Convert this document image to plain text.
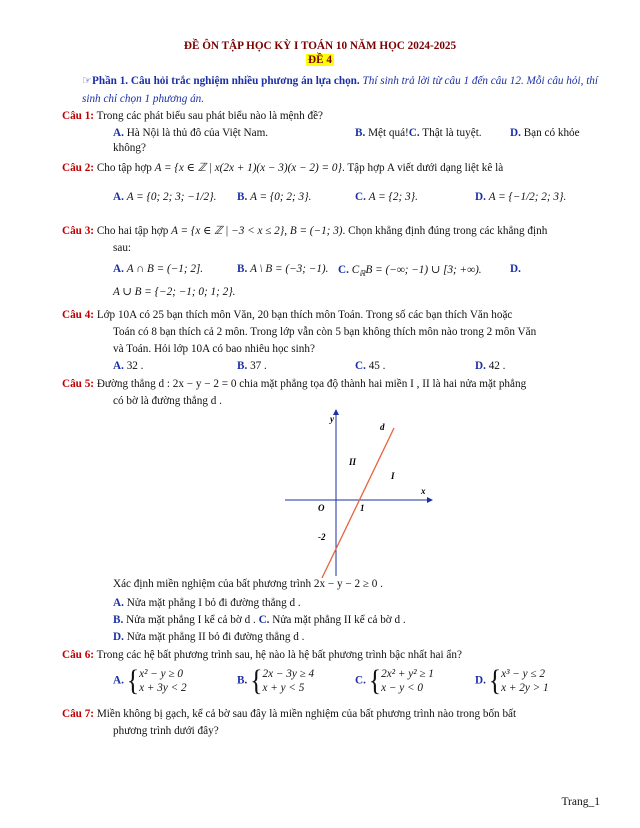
ĐỀ ÔN TẬP HỌC KỲ I TOÁN 10 NĂM HỌC 2024-2025
ĐỀ 4
☞Phần 1. Câu hỏi trắc nghiệm nhiều phương án lựa chọn. Thí sinh trả lời từ câu 1 đến câu 12. Mỗi câu hỏi, thí sinh chỉ chọn 1 phương án.
Câu 1: Trong các phát biểu sau phát biểu nào là mệnh đề?
A. Hà Nội là thủ đô của Việt Nam.	B. Mệt quá!C. Thật là tuyệt.	D. Bạn có khỏe
không?
Câu 2: Cho tập hợp A = {x ∈ ℤ | x(2x + 1)(x − 3)(x − 2) = 0}. Tập hợp A viết dưới dạng liệt kê là
A. A = {0; 2; 3; −1/2}. B. A = {0; 2; 3}.	C. A = {2; 3}.	D. A = {−1/2; 2; 3}.
Câu 3: Cho hai tập hợp A = {x ∈ ℤ | −3 < x ≤ 2}, B = (−1; 3). Chọn khẳng định đúng trong các khẳng định
sau:
A. A ∩ B = (−1; 2].	B. A \ B = (−3; −1). C. $C_ℝB$ = (−∞; −1) ∪ [3; +∞).	D.
A ∪ B = {−2; −1; 0; 1; 2}.
Câu 4: Lớp 10A có 25 bạn thích môn Văn, 20 bạn thích môn Toán. Trong số các bạn thích Văn hoặc
Toán có 8 bạn thích cả 2 môn. Trong lớp vẫn còn 5 bạn không thích môn nào trong 2 môn Văn
và Toán. Hỏi lớp 10A có bao nhiêu học sinh?
A. 32 .	B. 37 .	C. 45 .	D. 42 .
Câu 5: Đường thẳng d : 2x − y − 2 = 0 chia mặt phẳng tọa độ thành hai miền I , II là hai nửa mặt phẳng
có bờ là đường thẳng d .
y
x
O	1
-2
d
II
I
Xác định miền nghiệm của bất phương trình 2x − y − 2 ≥ 0 .
A. Nửa mặt phẳng I bỏ đi đường thẳng d .
B. Nửa mặt phẳng I kể cả bờ d . C. Nửa mặt phẳng II kể cả bờ d .
D. Nửa mặt phẳng II bỏ đi đường thẳng d .
Câu 6: Trong các hệ bất phương trình sau, hệ nào là hệ bất phương trình bậc nhất hai ẩn?
A. {x² − y ≥ 0
x + 3y < 2
B. {2x − 3y ≥ 4
x + y < 5
C. {2x² + y² ≥ 1
x − y < 0
D. {x³ − y ≤ 2
x + 2y > 1
Câu 7: Miền không bị gạch, kể cả bờ sau đây là miền nghiệm của bất phương trình nào trong bốn bất
phương trình dưới đây?
Trang_1
